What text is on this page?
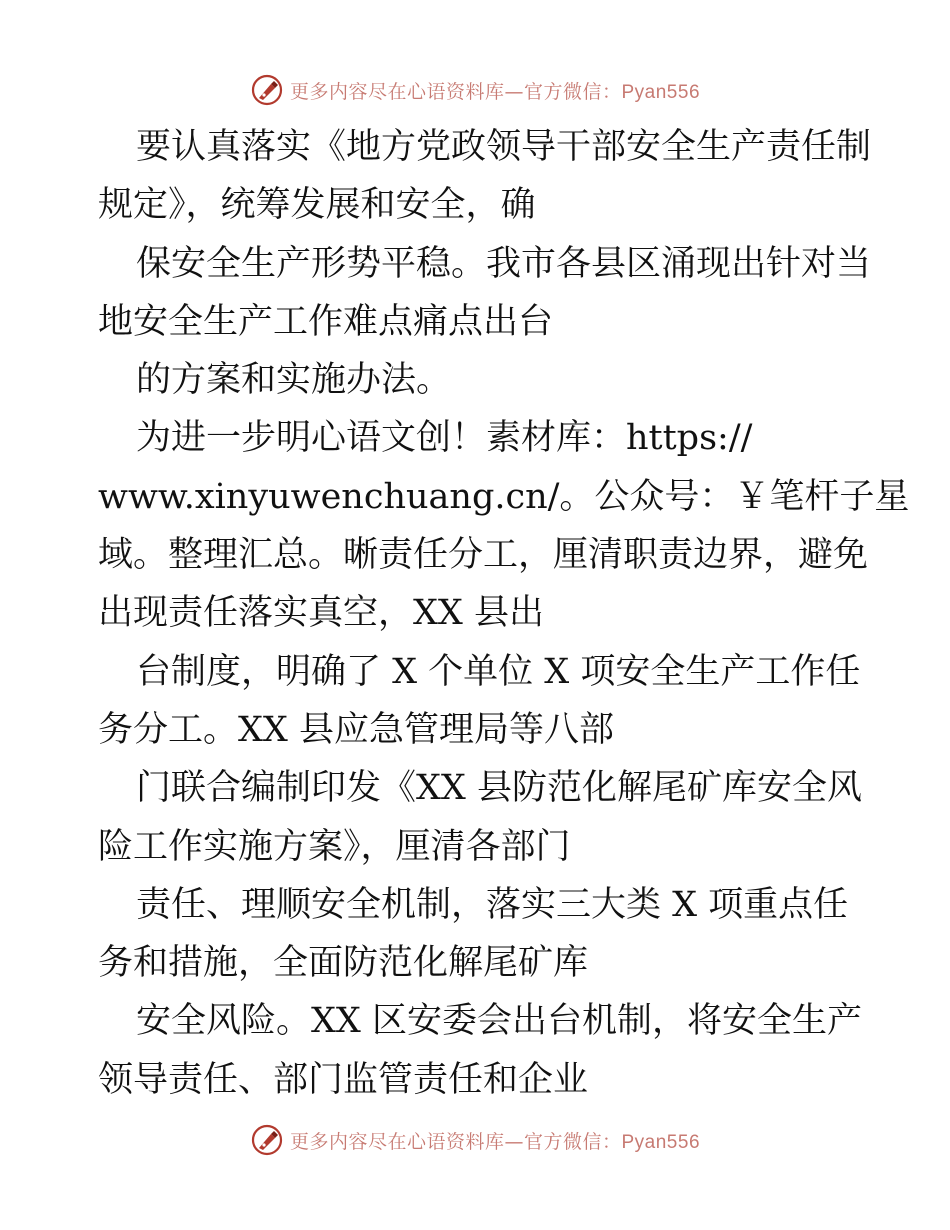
更多内容尽在心语资料库—官方微信：Pyan556
要认真落实《地方党政领导干部安全生产责任制
规定》，统筹发展和安全，确
保安全生产形势平稳。我市各县区涌现出针对当
地安全生产工作难点痛点出台
的方案和实施办法。
为进一步明心语文创！素材库：https://
www.xinyuwenchuang.cn/。公众号：￥笔杆子星
域。整理汇总。晰责任分工，厘清职责边界，避免
出现责任落实真空，XX 县出
台制度，明确了 X 个单位 X 项安全生产工作任
务分工。XX 县应急管理局等八部
门联合编制印发《XX 县防范化解尾矿库安全风
险工作实施方案》，厘清各部门
责任、理顺安全机制，落实三大类 X 项重点任
务和措施，全面防范化解尾矿库
安全风险。XX 区安委会出台机制，将安全生产
领导责任、部门监管责任和企业
更多内容尽在心语资料库—官方微信：Pyan556
